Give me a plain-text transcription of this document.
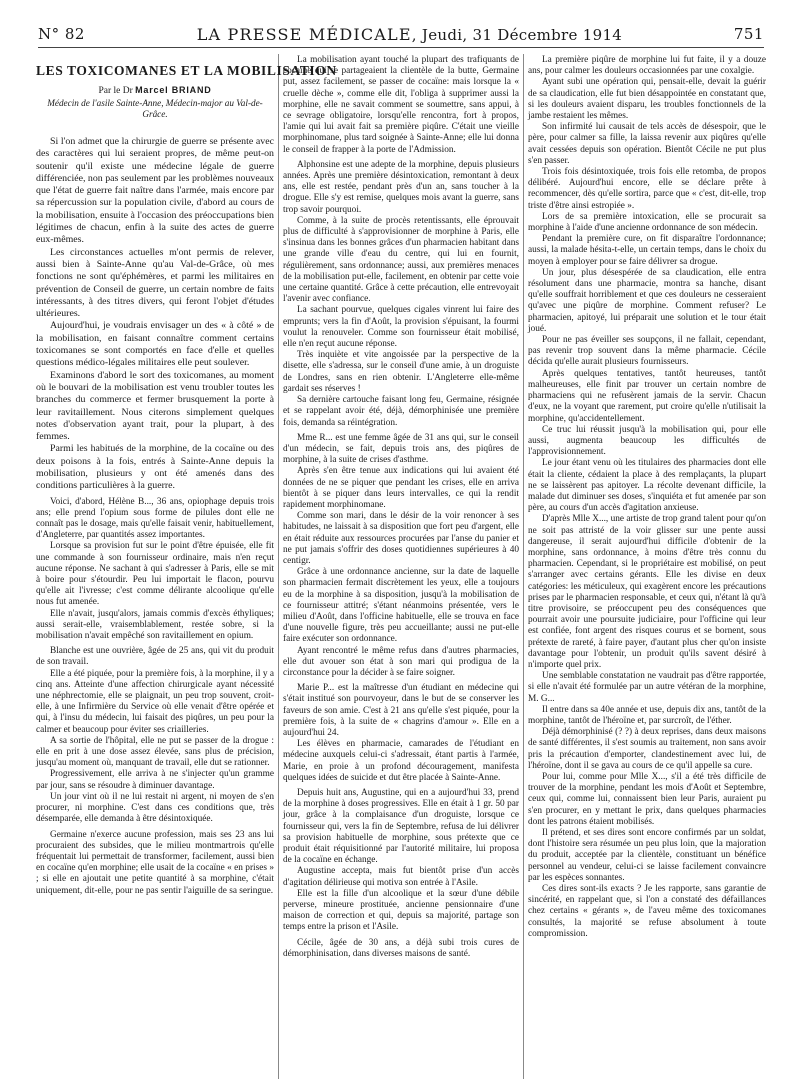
N° 82	LA PRESSE MÉDICALE, Jeudi, 31 Décembre 1914	751
LES TOXICOMANES ET LA MOBILISATION
Par le Dr Marcel BRIAND
Médecin de l'asile Sainte-Anne, Médecin-major au Val-de-Grâce.

Si l'on admet que la chirurgie de guerre se présente avec des caractères qui lui seraient propres, de même peut-on soutenir qu'il existe une médecine légale de guerre différenciée, non pas seulement par les problèmes nouveaux que l'état de guerre fait naître dans l'armée, mais encore par sa répercussion sur la population civile, d'abord au cours de la mobilisation, ensuite à l'occasion des préoccupations bien légitimes de chacun, enfin à la suite des actes de guerre eux-mêmes.

Les circonstances actuelles m'ont permis de relever, aussi bien à Sainte-Anne qu'au Val-de-Grâce, où mes fonctions ne sont qu'éphémères, et parmi les militaires en prévention de Conseil de guerre, un certain nombre de faits intéressants, à des titres divers, qui feront l'objet d'études ultérieures.

Aujourd'hui, je voudrais envisager un des « à côté » de la mobilisation, en faisant connaître comment certains toxicomanes se sont comportés en face d'elle et quelles questions médico-légales militaires elle peut soulever.

Examinons d'abord le sort des toxicomanes, au moment où le bouvari de la mobilisation est venu troubler toutes les branches du commerce et fermer brusquement la porte à leur ravitaillement. Nous citerons simplement quelques notes d'observation ayant trait, pour la plupart, à des femmes.

Parmi les habitués de la morphine, de la cocaïne ou des deux poisons à la fois, entrés à Sainte-Anne depuis la mobilisation, plusieurs y ont été amenés dans des conditions particulières à la guerre.

Voici, d'abord, Hélène B..., 36 ans, opiophage depuis trois ans; elle prend l'opium sous forme de pilules dont elle ne connaît pas le dosage, mais qu'elle faisait venir, habituellement, d'Angleterre, par quantités assez importantes.

Lorsque sa provision fut sur le point d'être épuisée, elle fit une commande à son fournisseur ordinaire, mais n'en reçut aucune réponse. Ne sachant à qui s'adresser à Paris, elle se mit à boire pour s'étourdir. Peu lui importait le flacon, pourvu qu'elle ait l'ivresse; c'est comme délirante alcoolique qu'elle nous fut amenée.

Elle n'avait, jusqu'alors, jamais commis d'excès éthyliques; aussi serait-elle, vraisemblablement, restée sobre, si la mobilisation n'avait empêché son ravitaillement en opium.

Blanche est une ouvrière, âgée de 25 ans, qui vit du produit de son travail.

Elle a été piquée, pour la première fois, à la morphine, il y a cinq ans. Atteinte d'une affection chirurgicale ayant nécessité une néphrectomie, elle se plaignait, un peu trop souvent, croit-elle, à une Infirmière du Service où elle venait d'être opérée et qui, à l'insu du médecin, lui faisait des piqûres, un peu pour la calmer et beaucoup pour éviter ses criailleries.

A sa sortie de l'hôpital, elle ne put se passer de la drogue : elle en prit à une dose assez élevée, sans plus de précision, jusqu'au moment où, manquant de travail, elle dut se rationner.

Progressivement, elle arriva à ne s'injecter qu'un gramme par jour, sans se résoudre à diminuer davantage.

Un jour vint où il ne lui restait ni argent, ni moyen de s'en procurer, ni morphine. C'est dans ces conditions que, très désemparée, elle demanda à être désintoxiquée.

Germaine n'exerce aucune profession, mais ses 23 ans lui procuraient des subsides, que le milieu montmartrois qu'elle fréquentait lui permettait de transformer, facilement, aussi bien en cocaïne qu'en morphine; elle usait de la cocaïne « en prises » ; si elle en ajoutait une petite quantité à sa morphine, c'était uniquement, dit-elle, pour ne pas sentir l'aiguille de sa seringue.

La mobilisation ayant touché la plupart des trafiquants de cocaïne qui se partageaient la clientèle de la butte, Germaine put, assez facilement, se passer de cocaïne: mais lorsque la « cruelle dèche », comme elle dit, l'obliga à supprimer aussi la morphine, elle ne savait comment se soumettre, sans appui, à ce sevrage obligatoire, lorsqu'elle rencontra, fort à propos, l'amie qui lui avait fait sa première piqûre. C'était une vieille morphinomane, plus tard soignée à Sainte-Anne; elle lui donna le conseil de frapper à la porte de l'Admission.

Alphonsine est une adepte de la morphine, depuis plusieurs années. Après une première désintoxication, remontant à deux ans, elle est restée, pendant près d'un an, sans toucher à la drogue. Elle s'y est remise, quelques mois avant la guerre, sans trop savoir pourquoi.

Comme, à la suite de procès retentissants, elle éprouvait plus de difficulté à s'approvisionner de morphine à Paris, elle s'insinua dans les bonnes grâces d'un pharmacien habitant dans une grande ville d'eau du centre, qui lui en fournit, régulièrement, sans ordonnance; aussi, aux premières menaces de la mobilisation put-elle, facilement, en obtenir par cette voie une certaine quantité. Grâce à cette précaution, elle entrevoyait l'avenir avec confiance.

La sachant pourvue, quelques cigales vinrent lui faire des emprunts; vers la fin d'Août, la provision s'épuisant, la fourmi voulut la renouveler. Comme son fournisseur était mobilisé, elle n'en reçut aucune réponse.

Très inquiète et vite angoissée par la perspective de la disette, elle s'adressa, sur le conseil d'une amie, à un droguiste de Londres, sans en rien obtenir. L'Angleterre elle-même gardait ses réserves !

Sa dernière cartouche faisant long feu, Germaine, résignée et se rappelant avoir été, déjà, démorphinisée une première fois, demanda sa réintégration.

Mme R... est une femme âgée de 31 ans qui, sur le conseil d'un médecin, se fait, depuis trois ans, des piqûres de morphine, à la suite de crises d'asthme.

Après s'en être tenue aux indications qui lui avaient été données de ne se piquer que pendant les crises, elle en arriva bientôt à se piquer dans leurs intervalles, ce qui la rendit rapidement morphinomane.

Comme son mari, dans le désir de la voir renoncer à ses habitudes, ne laissait à sa disposition que fort peu d'argent, elle en était réduite aux ressources procurées par l'anse du panier et ne put jamais s'offrir des doses quotidiennes supérieures à 40 centigr.

Grâce à une ordonnance ancienne, sur la date de laquelle son pharmacien fermait discrètement les yeux, elle a toujours eu de la morphine à sa disposition, jusqu'à la mobilisation de ce fournisseur attitré; s'étant néanmoins présentée, vers le milieu d'Août, dans l'officine habituelle, elle se trouva en face d'une nouvelle figure, très peu accueillante; aussi ne put-elle faire exécuter son ordonnance.

Ayant rencontré le même refus dans d'autres pharmacies, elle dut avouer son état à son mari qui prodigua de la circonstance pour la décider à se faire soigner.

Marie P... est la maîtresse d'un étudiant en médecine qui s'était institué son pourvoyeur, dans le but de se conserver les faveurs de son amie. C'est à 21 ans qu'elle s'est piquée, pour la première fois, à la suite de « chagrins d'amour ». Elle en a aujourd'hui 24.

Les élèves en pharmacie, camarades de l'étudiant en médecine auxquels celui-ci s'adressait, étant partis à l'armée, Marie, en proie à un profond découragement, manifesta quelques idées de suicide et dut être placée à Sainte-Anne.

Depuis huit ans, Augustine, qui en a aujourd'hui 33, prend de la morphine à doses progressives. Elle en était à 1 gr. 50 par jour, grâce à la complaisance d'un droguiste, lorsque ce fournisseur qui, vers la fin de Septembre, refusa de lui délivrer sa provision habituelle de morphine, sous prétexte que ce produit était réquisitionné par l'autorité militaire, lui proposa de la cocaïne en échange.

Augustine accepta, mais fut bientôt prise d'un accès d'agitation délirieuse qui motiva son entrée à l'Asile.

Elle est la fille d'un alcoolique et la sœur d'une débile perverse, mineure prostituée, ancienne pensionnaire d'une maison de correction et qui, depuis sa majorité, partage son temps entre la prison et l'Asile.

Cécile, âgée de 30 ans, a déjà subi trois cures de démorphinisation, dans diverses maisons de santé.

La première piqûre de morphine lui fut faite, il y a douze ans, pour calmer les douleurs occasionnées par une coxalgie.

Ayant subi une opération qui, pensait-elle, devait la guérir de sa claudication, elle fut bien désappointée en constatant que, si les douleurs avaient disparu, les troubles fonctionnels de la jambe restaient les mêmes.

Son infirmité lui causait de tels accès de désespoir, que le père, pour calmer sa fille, la laissa revenir aux piqûres qu'elle avait cessées depuis son opération. Bientôt Cécile ne put plus s'en passer.

Trois fois désintoxiquée, trois fois elle retomba, de propos délibéré. Aujourd'hui encore, elle se déclare prête à recommencer, dès qu'elle sortira, parce que « c'est, dit-elle, trop triste d'être ainsi estropiée ».

Lors de sa première intoxication, elle se procurait sa morphine à l'aide d'une ancienne ordonnance de son médecin.

Pendant la première cure, on fit disparaître l'ordonnance; aussi, la malade hésita-t-elle, un certain temps, dans le choix du moyen à employer pour se faire délivrer sa drogue.

Un jour, plus désespérée de sa claudication, elle entra résolument dans une pharmacie, montra sa hanche, disant qu'elle souffrait horriblement et que ces douleurs ne cesseraient qu'avec une piqûre de morphine. Comment refuser? Le pharmacien, apitoyé, lui préparait une solution et le tour était joué.

Pour ne pas éveiller ses soupçons, il ne fallait, cependant, pas revenir trop souvent dans la même pharmacie. Cécile décida qu'elle aurait plusieurs fournisseurs.

Après quelques tentatives, tantôt heureuses, tantôt malheureuses, elle finit par trouver un certain nombre de pharmaciens qui ne refusèrent jamais de la servir. Chacun d'eux, ne la voyant que rarement, put croire qu'elle n'utilisait la morphine, qu'accidentellement.

Ce truc lui réussit jusqu'à la mobilisation qui, pour elle aussi, augmenta beaucoup les difficultés de l'approvisionnement.

Le jour étant venu où les titulaires des pharmacies dont elle était la cliente, cédaient la place à des remplaçants, la plupart ne se laissèrent pas apitoyer. La récolte devenant difficile, la malade dut diminuer ses doses, s'inquiéta et fut amenée par son père, au cours d'un accès d'agitation anxieuse.

D'après Mlle X..., une artiste de trop grand talent pour qu'on ne soit pas attristé de la voir glisser sur une pente aussi dangereuse, il serait aujourd'hui difficile d'obtenir de la morphine, sans ordonnance, à moins d'être très connu du pharmacien. Cependant, si le propriétaire est mobilisé, on peut s'arranger avec certains gérants. Elle les divise en deux catégories: les méticuleux, qui exagèrent encore les précautions prises par le pharmacien responsable, et ceux qui, n'étant là qu'à titre provisoire, se préoccupent peu des conséquences que pourrait avoir une poursuite judiciaire, pour l'officine qui leur est confiée, font argent des risques courus et se bornent, sous prétexte de rareté, à faire payer, d'autant plus cher qu'on insiste davantage pour l'obtenir, un produit qu'ils savent désiré à n'importe quel prix.

Une semblable constatation ne vaudrait pas d'être rapportée, si elle n'avait été formulée par un autre vétéran de la morphine, M. G...

Il entre dans sa 40e année et use, depuis dix ans, tantôt de la morphine, tantôt de l'héroïne et, par surcroît, de l'éther.

Déjà démorphinisé (? ?) à deux reprises, dans deux maisons de santé différentes, il s'est soumis au traitement, non sans avoir pris la précaution d'emporter, clandestinement avec lui, de l'héroïne, dont il se gava au cours de ce qu'il appelle sa cure.

Pour lui, comme pour Mlle X..., s'il a été très difficile de trouver de la morphine, pendant les mois d'Août et Septembre, ceux qui, comme lui, connaissent bien leur Paris, auraient pu s'en procurer, en y mettant le prix, dans quelques pharmacies dont les patrons étaient mobilisés.

Il prétend, et ses dires sont encore confirmés par un soldat, dont l'histoire sera résumée un peu plus loin, que la majoration du produit, acceptée par la clientèle, constituant un bénéfice personnel au vendeur, celui-ci se laisse facilement convaincre par les espèces sonnantes.

Ces dires sont-ils exacts ? Je les rapporte, sans garantie de sincérité, en rappelant que, si l'on a constaté des défaillances chez certains « gérants », de l'aveu même des toxicomanes consultés, la majorité se refuse absolument à toute compromission.
